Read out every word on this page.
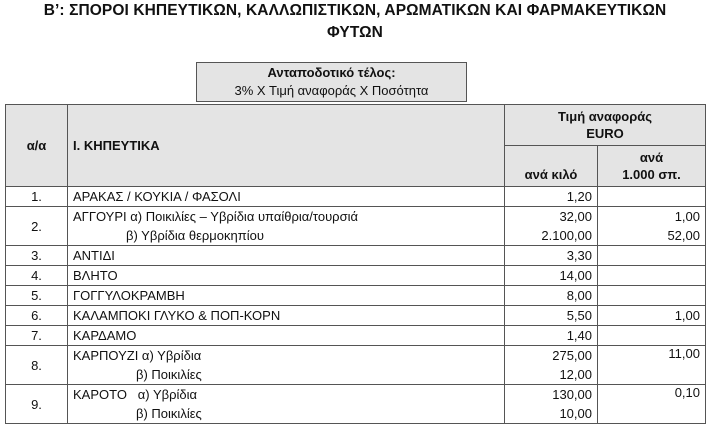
Β’: ΣΠΟΡΟΙ ΚΗΠΕΥΤΙΚΩΝ, ΚΑΛΛΩΠΙΣΤΙΚΩΝ, ΑΡΩΜΑΤΙΚΩΝ ΚΑΙ ΦΑΡΜΑΚΕΥΤΙΚΩΝ
ΦΥΤΩΝ
Ανταποδοτικό τέλος:
3% Χ Τιμή αναφοράς Χ Ποσότητα
α/α	Ι. ΚΗΠΕΥΤΙΚΑ	Τιμή αναφοράς
EURO	

		ανά κιλό	ανά
1.000 σπ.

1.	ΑΡΑΚΑΣ / ΚΟΥΚΙΑ / ΦΑΣΟΛΙ	1,20	
2.	ΑΓΓΟΥΡΙ α) Ποικιλίες – Υβρίδια υπαίθρια/τουρσιά	32,00	1,00
	β) Υβρίδια θερμοκηπίου	2.100,00	52,00
3.	ΑΝΤΙΔΙ	3,30	
4.	ΒΛΗΤΟ	14,00	
5.	ΓΟΓΓΥΛΟΚΡΑΜΒΗ	8,00	
6.	ΚΑΛΑΜΠΟΚΙ ΓΛΥΚΟ & ΠΟΠ-ΚΟΡΝ	5,50	1,00
7.	ΚΑΡΔΑΜΟ	1,40	
8.	ΚΑΡΠΟΥΖΙ α) Υβρίδια	275,00	11,00
	β) Ποικιλίες	12,00	
9.	ΚΑΡΟΤΟ   α) Υβρίδια	130,00	0,10
	β) Ποικιλίες	10,00	
